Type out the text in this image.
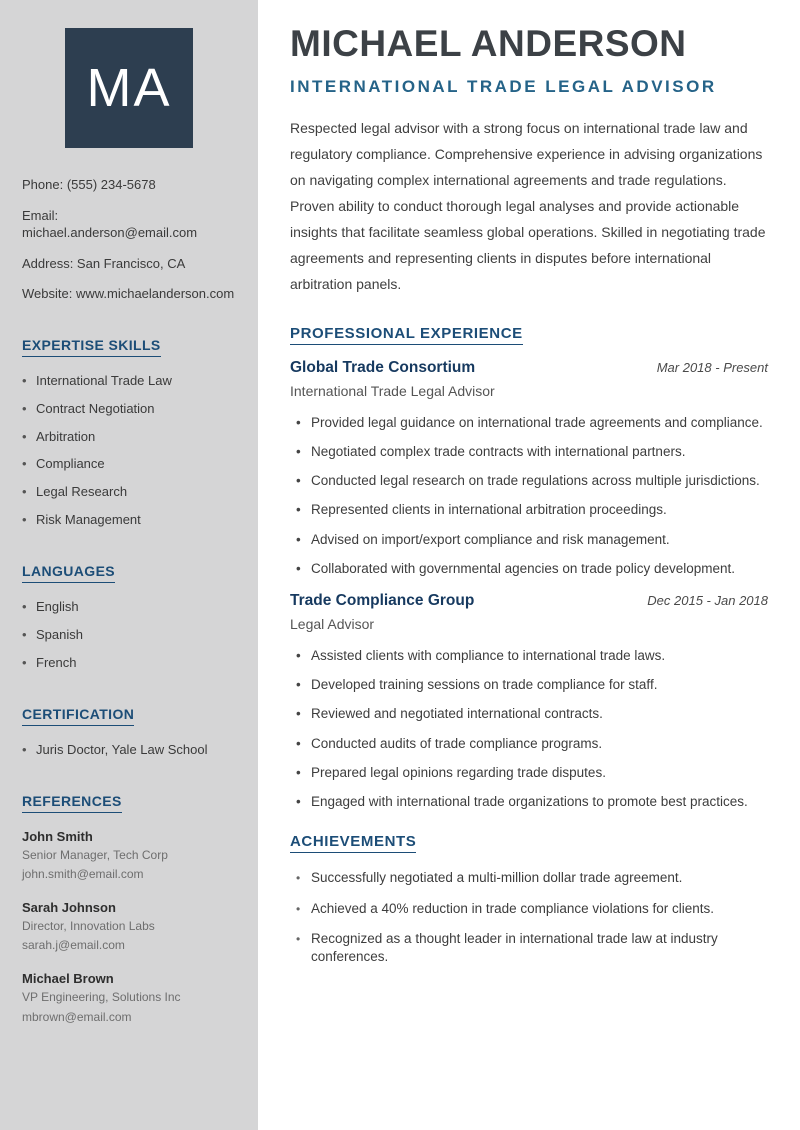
MA
Phone: (555) 234-5678
Email: michael.anderson@email.com
Address: San Francisco, CA
Website: www.michaelanderson.com
EXPERTISE SKILLS
• International Trade Law
• Contract Negotiation
• Arbitration
• Compliance
• Legal Research
• Risk Management
LANGUAGES
• English
• Spanish
• French
CERTIFICATION
• Juris Doctor, Yale Law School
REFERENCES
John Smith
Senior Manager, Tech Corp
john.smith@email.com
Sarah Johnson
Director, Innovation Labs
sarah.j@email.com
Michael Brown
VP Engineering, Solutions Inc
mbrown@email.com
MICHAEL ANDERSON
INTERNATIONAL TRADE LEGAL ADVISOR

Respected legal advisor with a strong focus on international trade law and regulatory compliance. Comprehensive experience in advising organizations on navigating complex international agreements and trade regulations. Proven ability to conduct thorough legal analyses and provide actionable insights that facilitate seamless global operations. Skilled in negotiating trade agreements and representing clients in disputes before international arbitration panels.

PROFESSIONAL EXPERIENCE
Global Trade Consortium	Mar 2018 - Present
International Trade Legal Advisor
• Provided legal guidance on international trade agreements and compliance.
• Negotiated complex trade contracts with international partners.
• Conducted legal research on trade regulations across multiple jurisdictions.
• Represented clients in international arbitration proceedings.
• Advised on import/export compliance and risk management.
• Collaborated with governmental agencies on trade policy development.
Trade Compliance Group	Dec 2015 - Jan 2018
Legal Advisor
• Assisted clients with compliance to international trade laws.
• Developed training sessions on trade compliance for staff.
• Reviewed and negotiated international contracts.
• Conducted audits of trade compliance programs.
• Prepared legal opinions regarding trade disputes.
• Engaged with international trade organizations to promote best practices.
ACHIEVEMENTS
• Successfully negotiated a multi-million dollar trade agreement.
• Achieved a 40% reduction in trade compliance violations for clients.
• Recognized as a thought leader in international trade law at industry conferences.
